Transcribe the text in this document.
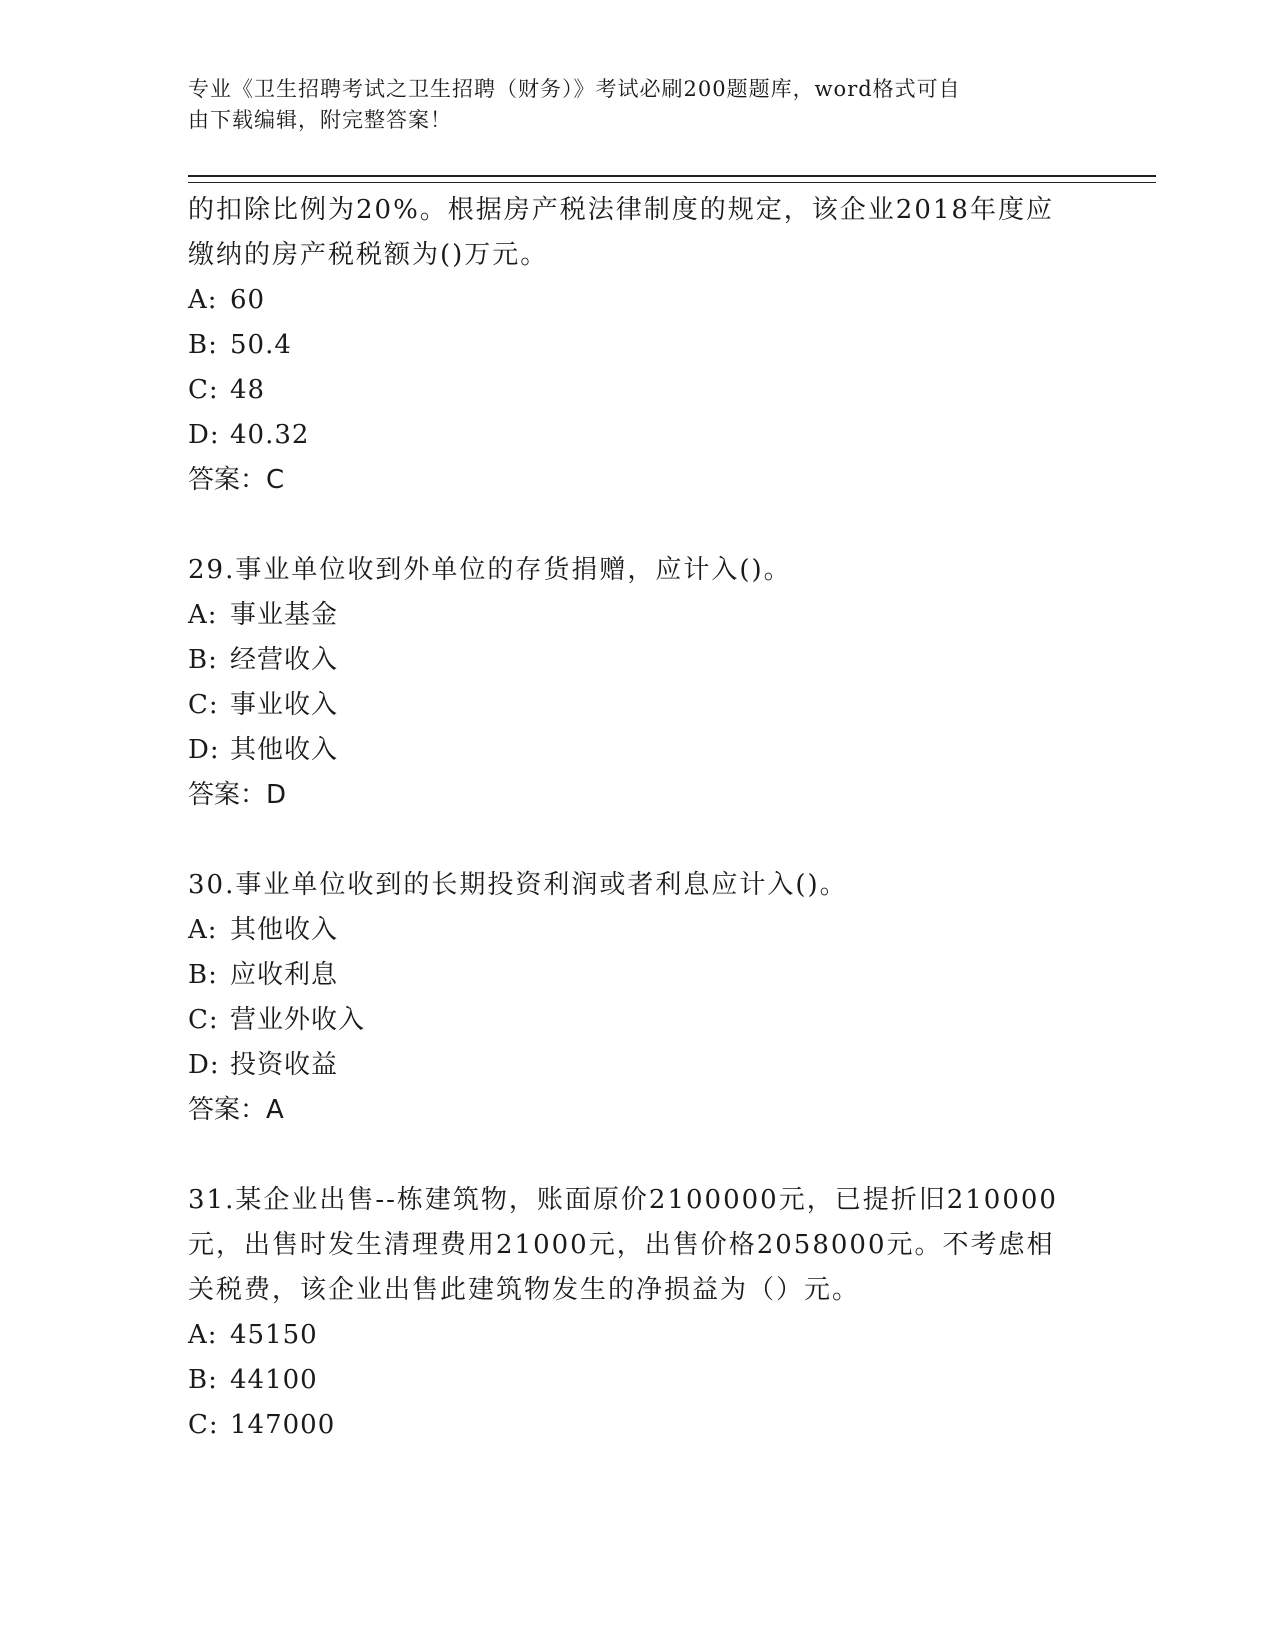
专业《卫生招聘考试之卫生招聘（财务）》考试必刷200题题库，word格式可自
由下载编辑，附完整答案！
的扣除比例为20%。根据房产税法律制度的规定，该企业2018年度应
缴纳的房产税税额为()万元。
A: 60
B: 50.4
C: 48
D: 40.32
答案：C
29.事业单位收到外单位的存货捐赠，应计入()。
A: 事业基金
B: 经营收入
C: 事业收入
D: 其他收入
答案：D
30.事业单位收到的长期投资利润或者利息应计入()。
A: 其他收入
B: 应收利息
C: 营业外收入
D: 投资收益
答案：A
31.某企业出售--栋建筑物，账面原价2100000元，已提折旧210000
元，出售时发生清理费用21000元，出售价格2058000元。不考虑相
关税费，该企业出售此建筑物发生的净损益为（）元。
A: 45150
B: 44100
C: 147000
